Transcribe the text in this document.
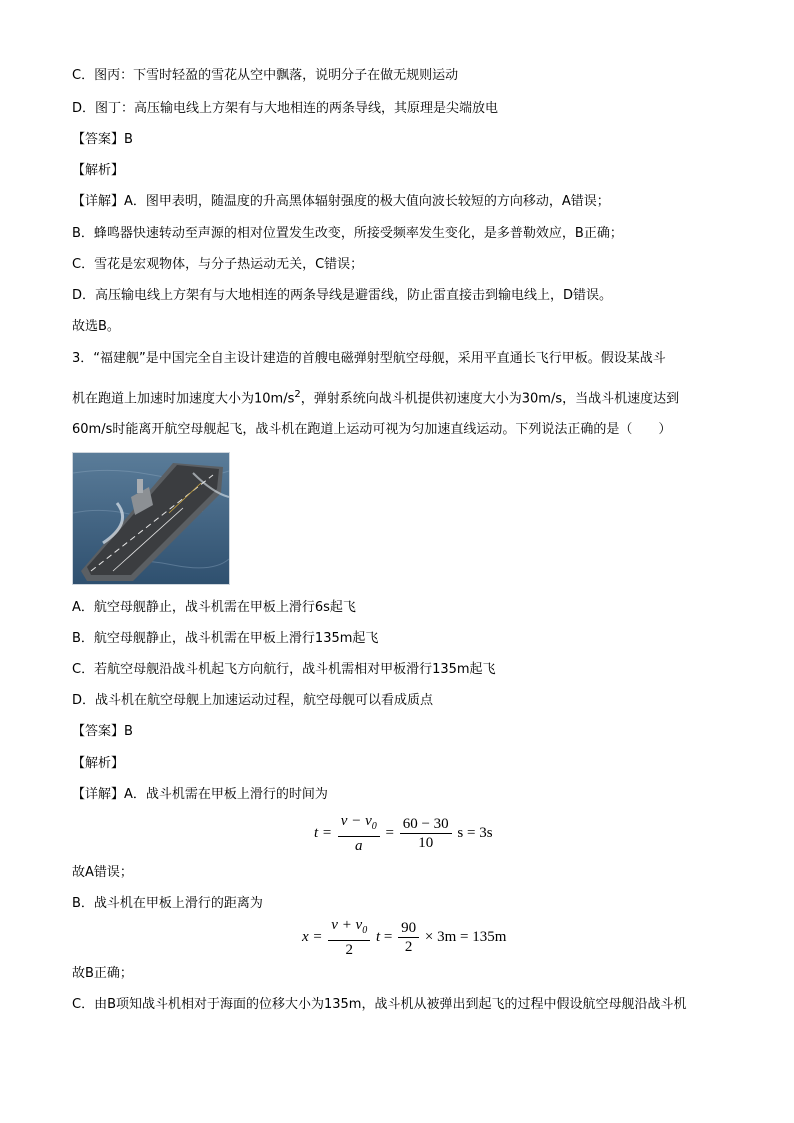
C．图丙：下雪时轻盈的雪花从空中飘落，说明分子在做无规则运动
D．图丁：高压输电线上方架有与大地相连的两条导线，其原理是尖端放电
【答案】B
【解析】
【详解】A．图甲表明，随温度的升高黑体辐射强度的极大值向波长较短的方向移动，A错误；
B．蜂鸣器快速转动至声源的相对位置发生改变，所接受频率发生变化，是多普勒效应，B正确；
C．雪花是宏观物体，与分子热运动无关，C错误；
D．高压输电线上方架有与大地相连的两条导线是避雷线，防止雷直接击到输电线上，D错误。
故选B。
3．“福建舰”是中国完全自主设计建造的首艘电磁弹射型航空母舰，采用平直通长飞行甲板。假设某战斗
机在跑道上加速时加速度大小为$10m/s^2$，弹射系统向战斗机提供初速度大小为30m/s，当战斗机速度达到
60m/s时能离开航空母舰起飞，战斗机在跑道上运动可视为匀加速直线运动。下列说法正确的是（　　）
A．航空母舰静止，战斗机需在甲板上滑行6s起飞
B．航空母舰静止，战斗机需在甲板上滑行135m起飞
C．若航空母舰沿战斗机起飞方向航行，战斗机需相对甲板滑行135m起飞
D．战斗机在航空母舰上加速运动过程，航空母舰可以看成质点
【答案】B
【解析】
【详解】A．战斗机需在甲板上滑行的时间为
$t = \frac{v - v_0}{a} = \frac{60 - 30}{10}$ s = 3s
故A错误；
B．战斗机在甲板上滑行的距离为
$x = \frac{v + v_0}{2}$ $t = \frac{90}{2} \times 3m = 135m$
故B正确；
C．由B项知战斗机相对于海面的位移大小为135m，战斗机从被弹出到起飞的过程中假设航空母舰沿战斗机
